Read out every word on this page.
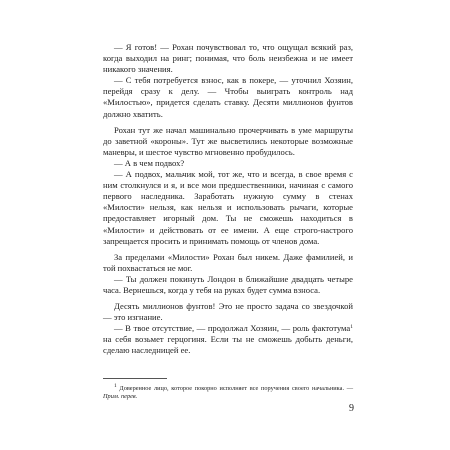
— Я готов! — Рохан почувствовал то, что ощущал всякий раз, когда выходил на ринг; понимая, что боль неизбежна и не имеет никакого значения.

— С тебя потребуется взнос, как в покере, — уточнил Хозяин, перейдя сразу к делу. — Чтобы выиграть контроль над «Милостью», придется сделать ставку. Десяти миллионов фунтов должно хватить.

Рохан тут же начал машинально прочерчивать в уме маршруты до заветной «короны». Тут же высветились некоторые возможные маневры, и шестое чувство мгновенно пробудилось.

— А в чем подвох?

— А подвох, мальчик мой, тот же, что и всегда, в свое время с ним столкнулся и я, и все мои предшественники, начиная с самого первого наследника. Заработать нужную сумму в стенах «Милости» нельзя, как нельзя и использовать рычаги, которые предоставляет игорный дом. Ты не сможешь находиться в «Милости» и действовать от ее имени. А еще строго-настрого запрещается просить и принимать помощь от членов дома.

За пределами «Милости» Рохан был никем. Даже фамилией, и той похвастаться не мог.

— Ты должен покинуть Лондон в ближайшие двадцать четыре часа. Вернешься, когда у тебя на руках будет сумма взноса.

Десять миллионов фунтов! Это не просто задача со звездочкой — это изгнание.

— В твое отсутствие, — продолжал Хозяин, — роль фактотума$^1$ на себя возьмет герцогиня. Если ты не сможешь добыть деньги, сделаю наследницей ее.

$^1$ Доверенное лицо, которое покорно исполняет все поручения своего начальника. — Прим. перев.

9
